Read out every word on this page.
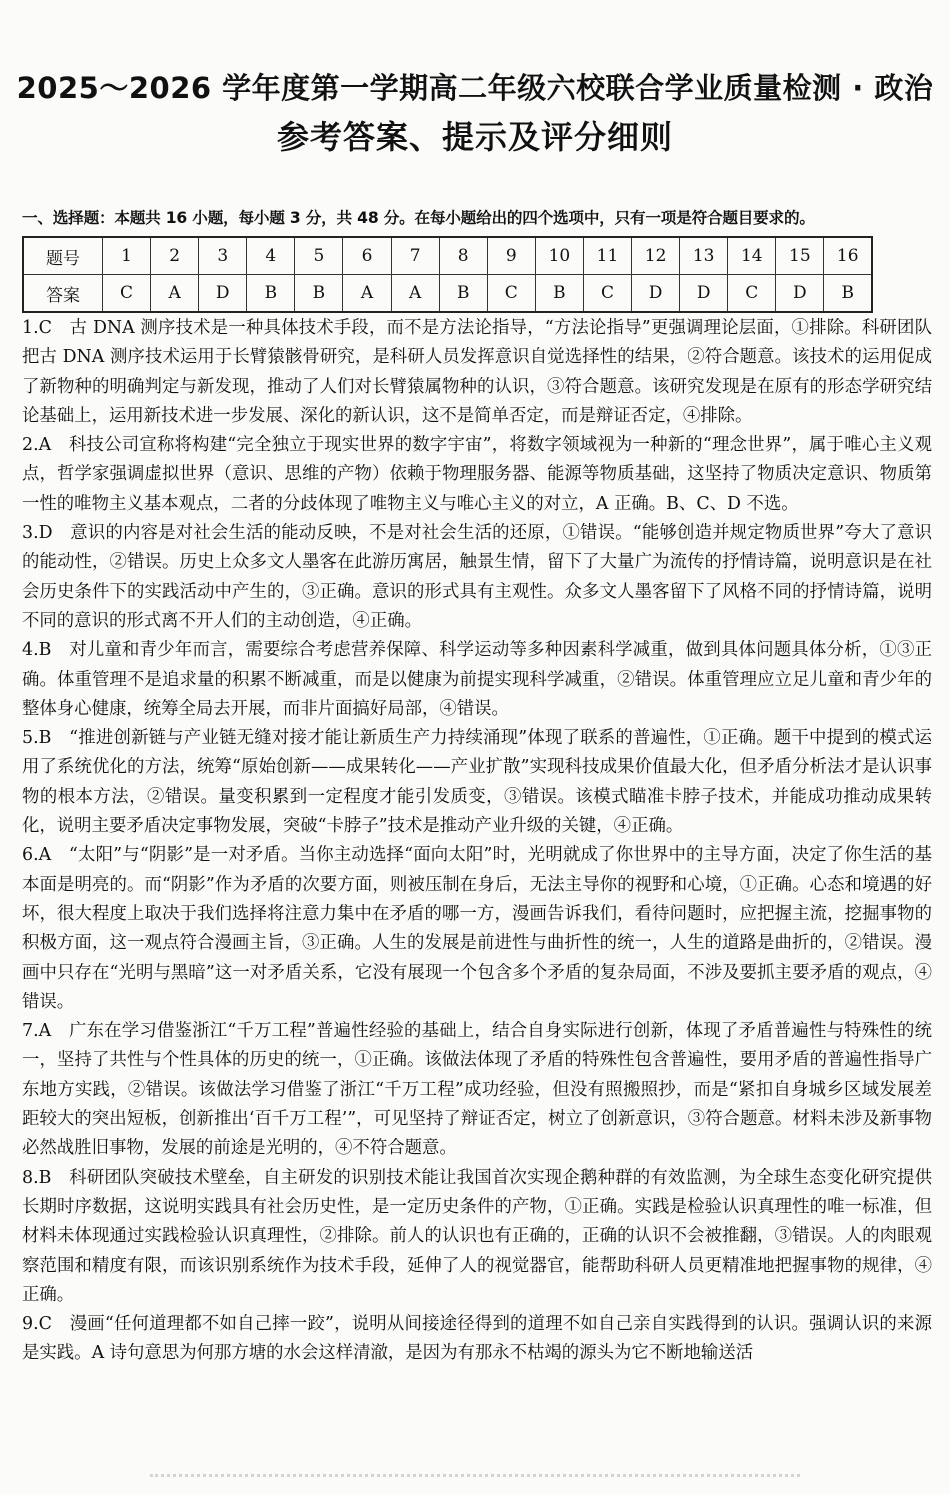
2025～2026 学年度第一学期高二年级六校联合学业质量检测 · 政治
参考答案、提示及评分细则
一、选择题：本题共 16 小题，每小题 3 分，共 48 分。在每小题给出的四个选项中，只有一项是符合题目要求的。
题号	1	2	3	4	5	6	7	8	9	10	11	12	13	14	15	16
答案	C	A	D	B	B	A	A	B	C	B	C	D	D	C	D	B

1.C　古 DNA 测序技术是一种具体技术手段，而不是方法论指导，“方法论指导”更强调理论层面，①排除。科研团队把古 DNA 测序技术运用于长臂猿骸骨研究，是科研人员发挥意识自觉选择性的结果，②符合题意。该技术的运用促成了新物种的明确判定与新发现，推动了人们对长臂猿属物种的认识，③符合题意。该研究发现是在原有的形态学研究结论基础上，运用新技术进一步发展、深化的新认识，这不是简单否定，而是辩证否定，④排除。

2.A　科技公司宣称将构建“完全独立于现实世界的数字宇宙”，将数字领域视为一种新的“理念世界”，属于唯心主义观点，哲学家强调虚拟世界（意识、思维的产物）依赖于物理服务器、能源等物质基础，这坚持了物质决定意识、物质第一性的唯物主义基本观点，二者的分歧体现了唯物主义与唯心主义的对立，A 正确。B、C、D 不选。

3.D　意识的内容是对社会生活的能动反映，不是对社会生活的还原，①错误。“能够创造并规定物质世界”夸大了意识的能动性，②错误。历史上众多文人墨客在此游历寓居，触景生情，留下了大量广为流传的抒情诗篇，说明意识是在社会历史条件下的实践活动中产生的，③正确。意识的形式具有主观性。众多文人墨客留下了风格不同的抒情诗篇，说明不同的意识的形式离不开人们的主动创造，④正确。

4.B　对儿童和青少年而言，需要综合考虑营养保障、科学运动等多种因素科学减重，做到具体问题具体分析，①③正确。体重管理不是追求量的积累不断减重，而是以健康为前提实现科学减重，②错误。体重管理应立足儿童和青少年的整体身心健康，统筹全局去开展，而非片面搞好局部，④错误。

5.B　“推进创新链与产业链无缝对接才能让新质生产力持续涌现”体现了联系的普遍性，①正确。题干中提到的模式运用了系统优化的方法，统筹“原始创新——成果转化——产业扩散”实现科技成果价值最大化，但矛盾分析法才是认识事物的根本方法，②错误。量变积累到一定程度才能引发质变，③错误。该模式瞄准卡脖子技术，并能成功推动成果转化，说明主要矛盾决定事物发展，突破“卡脖子”技术是推动产业升级的关键，④正确。

6.A　“太阳”与“阴影”是一对矛盾。当你主动选择“面向太阳”时，光明就成了你世界中的主导方面，决定了你生活的基本面是明亮的。而“阴影”作为矛盾的次要方面，则被压制在身后，无法主导你的视野和心境，①正确。心态和境遇的好坏，很大程度上取决于我们选择将注意力集中在矛盾的哪一方，漫画告诉我们，看待问题时，应把握主流，挖掘事物的积极方面，这一观点符合漫画主旨，③正确。人生的发展是前进性与曲折性的统一，人生的道路是曲折的，②错误。漫画中只存在“光明与黑暗”这一对矛盾关系，它没有展现一个包含多个矛盾的复杂局面，不涉及要抓主要矛盾的观点，④错误。

7.A　广东在学习借鉴浙江“千万工程”普遍性经验的基础上，结合自身实际进行创新，体现了矛盾普遍性与特殊性的统一，坚持了共性与个性具体的历史的统一，①正确。该做法体现了矛盾的特殊性包含普遍性，要用矛盾的普遍性指导广东地方实践，②错误。该做法学习借鉴了浙江“千万工程”成功经验，但没有照搬照抄，而是“紧扣自身城乡区域发展差距较大的突出短板，创新推出‘百千万工程’”，可见坚持了辩证否定，树立了创新意识，③符合题意。材料未涉及新事物必然战胜旧事物，发展的前途是光明的，④不符合题意。

8.B　科研团队突破技术壁垒，自主研发的识别技术能让我国首次实现企鹅种群的有效监测，为全球生态变化研究提供长期时序数据，这说明实践具有社会历史性，是一定历史条件的产物，①正确。实践是检验认识真理性的唯一标准，但材料未体现通过实践检验认识真理性，②排除。前人的认识也有正确的，正确的认识不会被推翻，③错误。人的肉眼观察范围和精度有限，而该识别系统作为技术手段，延伸了人的视觉器官，能帮助科研人员更精准地把握事物的规律，④正确。

9.C　漫画“任何道理都不如自己摔一跤”，说明从间接途径得到的道理不如自己亲自实践得到的认识。强调认识的来源是实践。A 诗句意思为何那方塘的水会这样清澈，是因为有那永不枯竭的源头为它不断地输送活
